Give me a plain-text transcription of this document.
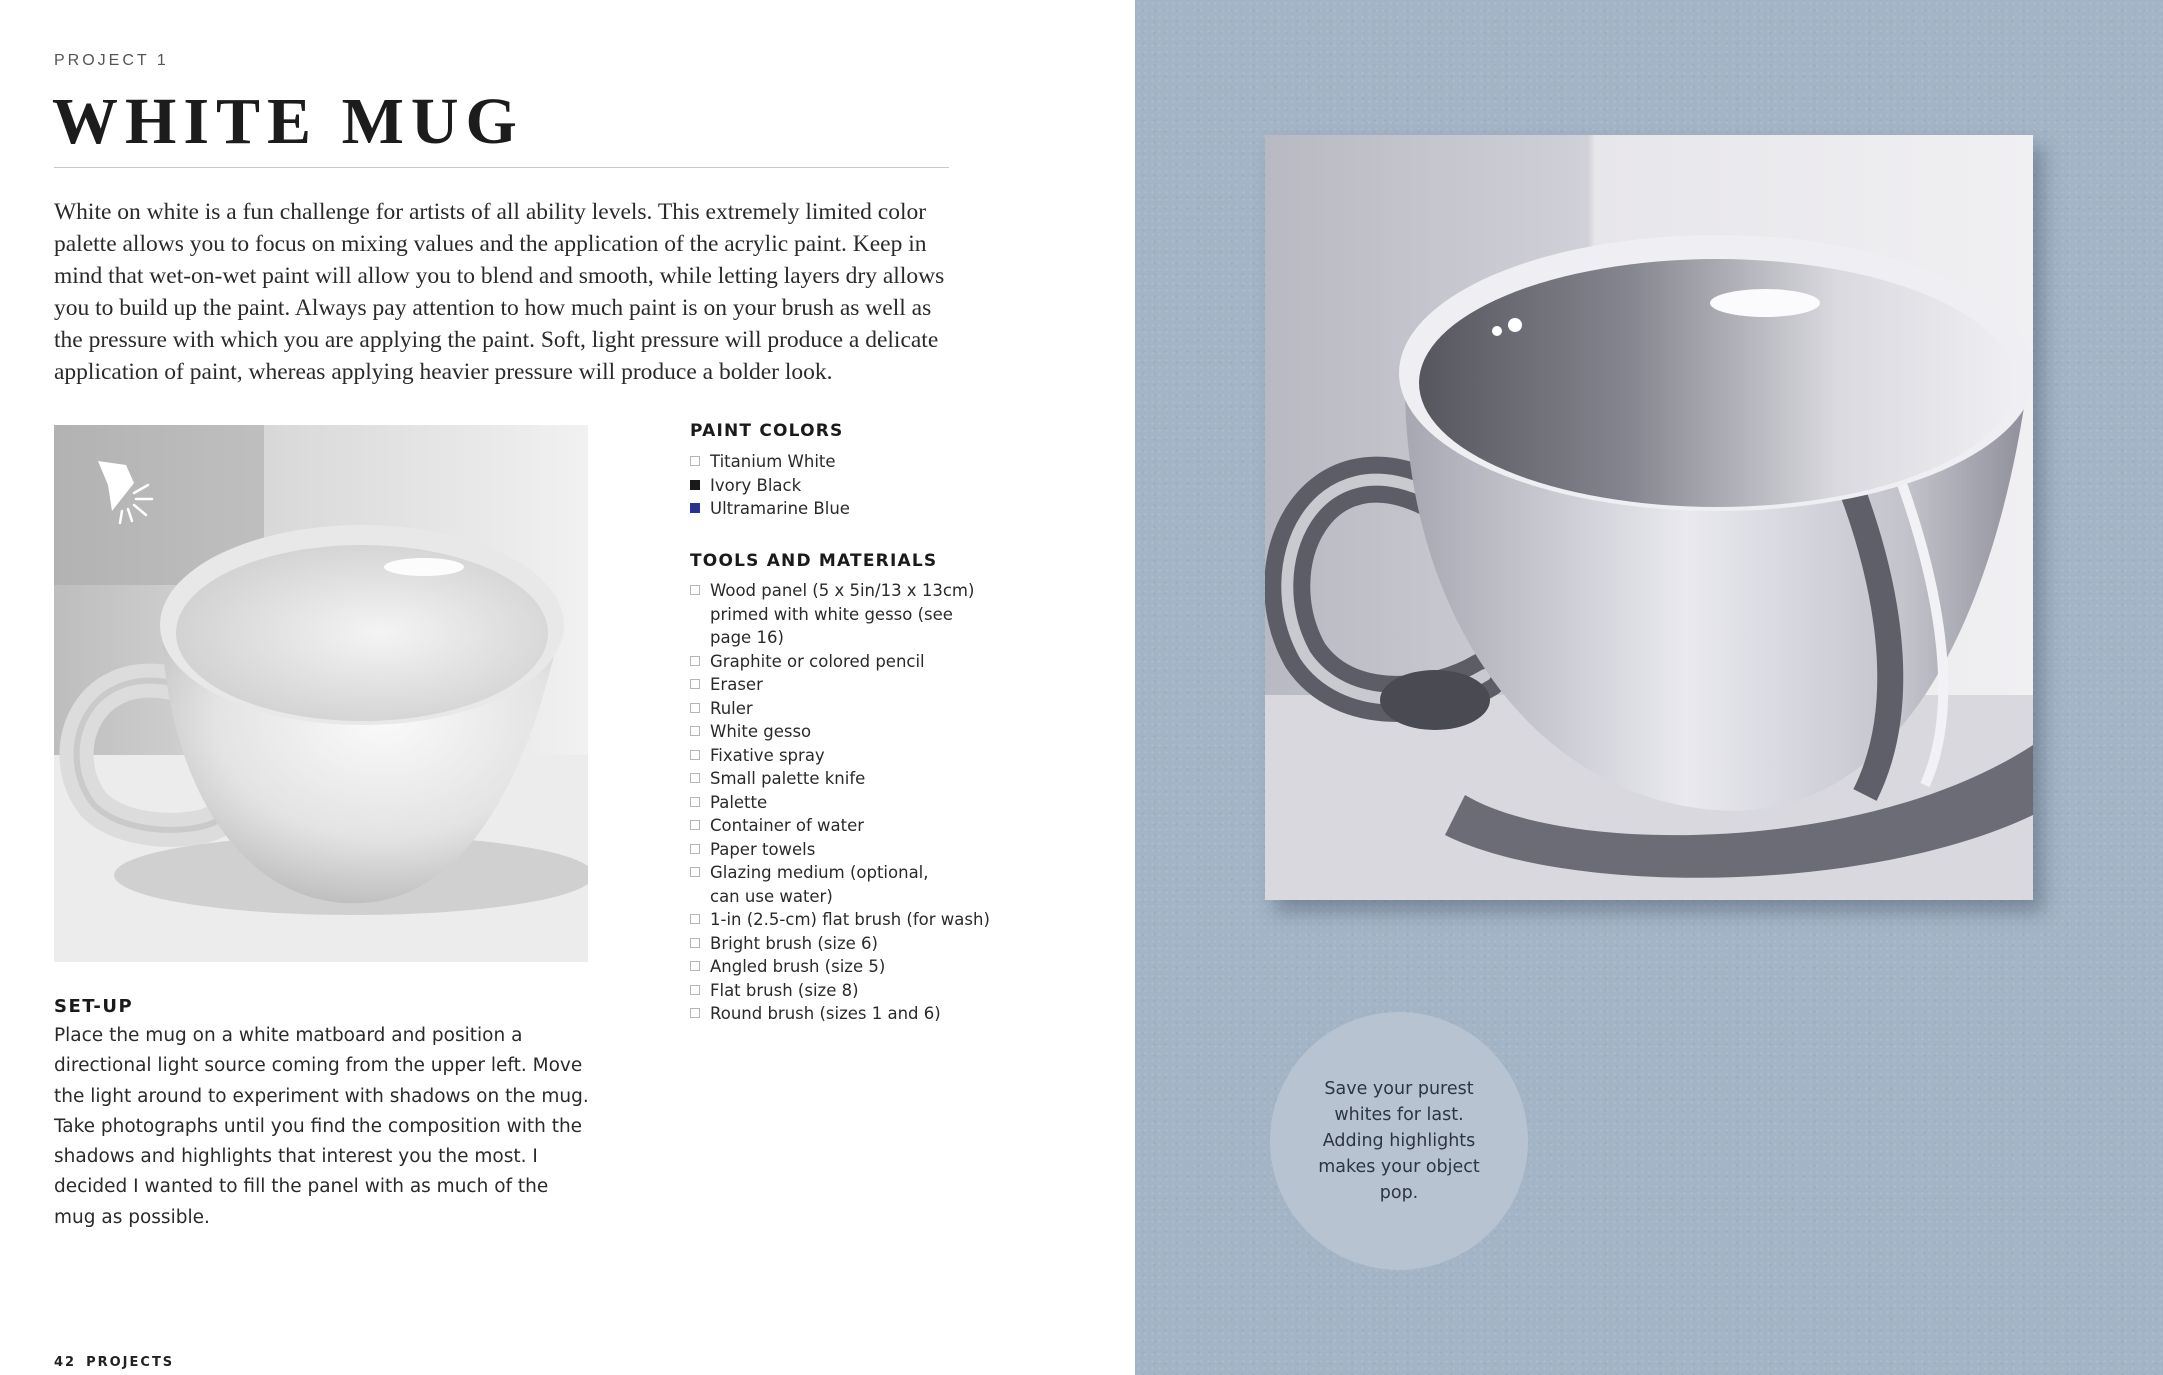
PROJECT 1
WHITE MUG

White on white is a fun challenge for artists of all ability levels. This extremely limited color palette allows you to focus on mixing values and the application of the acrylic paint. Keep in mind that wet-on-wet paint will allow you to blend and smooth, while letting layers dry allows you to build up the paint. Always pay attention to how much paint is on your brush as well as the pressure with which you are applying the paint. Soft, light pressure will produce a delicate application of paint, whereas applying heavier pressure will produce a bolder look.

SET-UP

Place the mug on a white matboard and position a directional light source coming from the upper left. Move the light around to experiment with shadows on the mug. Take photographs until you find the composition with the shadows and highlights that interest you the most. I decided I wanted to fill the panel with as much of the mug as possible.

PAINT COLORS
Titanium White
Ivory Black
Ultramarine Blue
TOOLS AND MATERIALS
Wood panel (5 x 5in/13 x 13cm)
primed with white gesso (see
page 16)
Graphite or colored pencil
Eraser
Ruler
White gesso
Fixative spray
Small palette knife
Palette
Container of water
Paper towels
Glazing medium (optional,
can use water)
1-in (2.5-cm) flat brush (for wash)
Bright brush (size 6)
Angled brush (size 5)
Flat brush (size 8)
Round brush (sizes 1 and 6)
42 PROJECTS
Save your purest whites for last. Adding highlights makes your object pop.
